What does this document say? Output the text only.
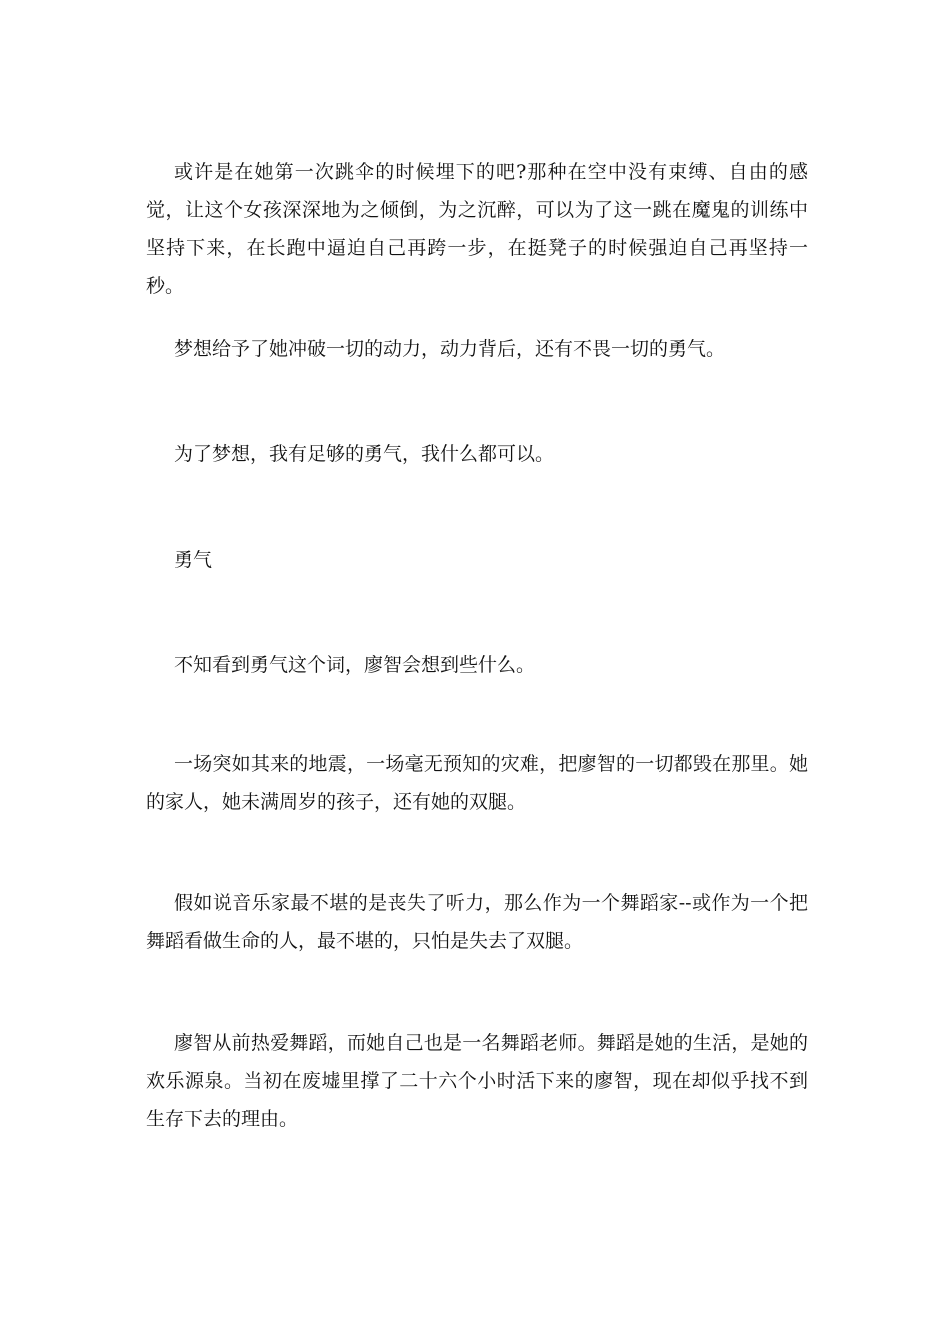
或许是在她第一次跳伞的时候埋下的吧?那种在空中没有束缚、自由的感觉，让这个女孩深深地为之倾倒，为之沉醉，可以为了这一跳在魔鬼的训练中坚持下来，在长跑中逼迫自己再跨一步，在挺凳子的时候强迫自己再坚持一秒。

梦想给予了她冲破一切的动力，动力背后，还有不畏一切的勇气。

为了梦想，我有足够的勇气，我什么都可以。

勇气

不知看到勇气这个词，廖智会想到些什么。

一场突如其来的地震，一场毫无预知的灾难，把廖智的一切都毁在那里。她的家人，她未满周岁的孩子，还有她的双腿。

假如说音乐家最不堪的是丧失了听力，那么作为一个舞蹈家--或作为一个把舞蹈看做生命的人，最不堪的，只怕是失去了双腿。

廖智从前热爱舞蹈，而她自己也是一名舞蹈老师。舞蹈是她的生活，是她的欢乐源泉。当初在废墟里撑了二十六个小时活下来的廖智，现在却似乎找不到生存下去的理由。
